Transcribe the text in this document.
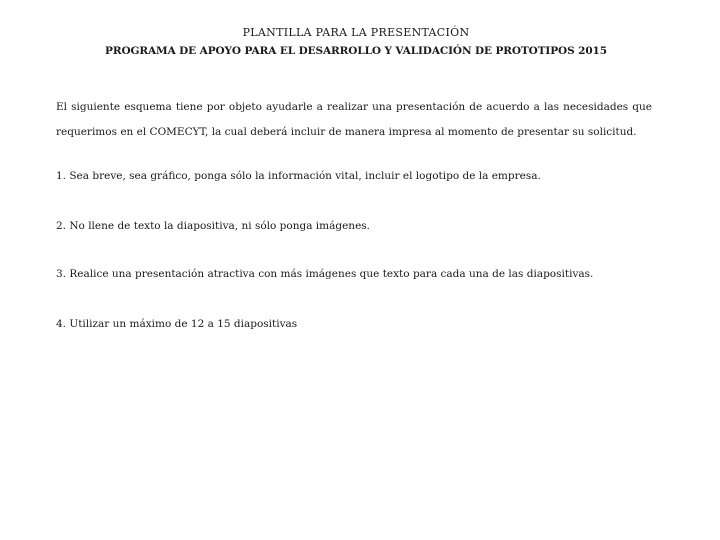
PLANTILLA PARA LA PRESENTACIÓN
PROGRAMA DE APOYO PARA EL DESARROLLO Y VALIDACIÓN DE PROTOTIPOS 2015
El siguiente esquema tiene por objeto ayudarle a realizar una presentación de acuerdo a las necesidades que requerimos en el COMECYT, la cual deberá incluir de manera impresa al momento de presentar su solicitud.
1. Sea breve, sea gráfico, ponga sólo la información vital, incluir el logotipo de la empresa.
2. No llene de texto la diapositiva, ni sólo ponga imágenes.
3. Realice una presentación atractiva con más imágenes que texto para cada una de las diapositivas.
4. Utilizar un máximo de 12 a 15 diapositivas
